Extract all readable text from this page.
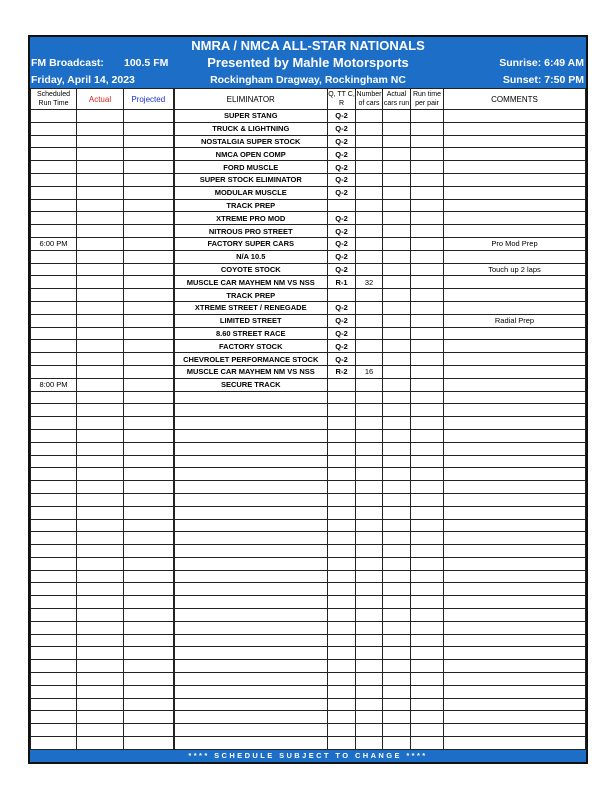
NMRA / NMCA ALL-STAR NATIONALS
FM Broadcast: 100.5 FM	Presented by Mahle Motorsports	Sunrise: 6:49 AM
Friday, April 14, 2023	Rockingham Dragway, Rockingham NC	Sunset: 7:50 PM
Scheduled Run Time	Actual	Projected	ELIMINATOR	Q, TT C, R	Number of cars	Actual cars run	Run time per pair	COMMENTS
			SUPER STANG	Q-2				
			TRUCK & LIGHTNING	Q-2				
			NOSTALGIA SUPER STOCK	Q-2				
			NMCA OPEN COMP	Q-2				
			FORD MUSCLE	Q-2				
			SUPER STOCK ELIMINATOR	Q-2				
			MODULAR MUSCLE	Q-2				
			TRACK PREP					
			XTREME PRO MOD	Q-2				
			NITROUS PRO STREET	Q-2				
6:00 PM			FACTORY SUPER CARS	Q-2				Pro Mod Prep
			N/A 10.5	Q-2				
			COYOTE STOCK	Q-2				Touch up 2 laps
			MUSCLE CAR MAYHEM NM VS NSS	R-1	32			
			TRACK PREP					
			XTREME STREET / RENEGADE	Q-2				
			LIMITED STREET	Q-2				Radial Prep
			8.60 STREET RACE	Q-2				
			FACTORY STOCK	Q-2				
			CHEVROLET PERFORMANCE STOCK	Q-2				
			MUSCLE CAR MAYHEM NM VS NSS	R-2	16			
8:00 PM			SECURE TRACK					

**** SCHEDULE SUBJECT TO CHANGE ****
